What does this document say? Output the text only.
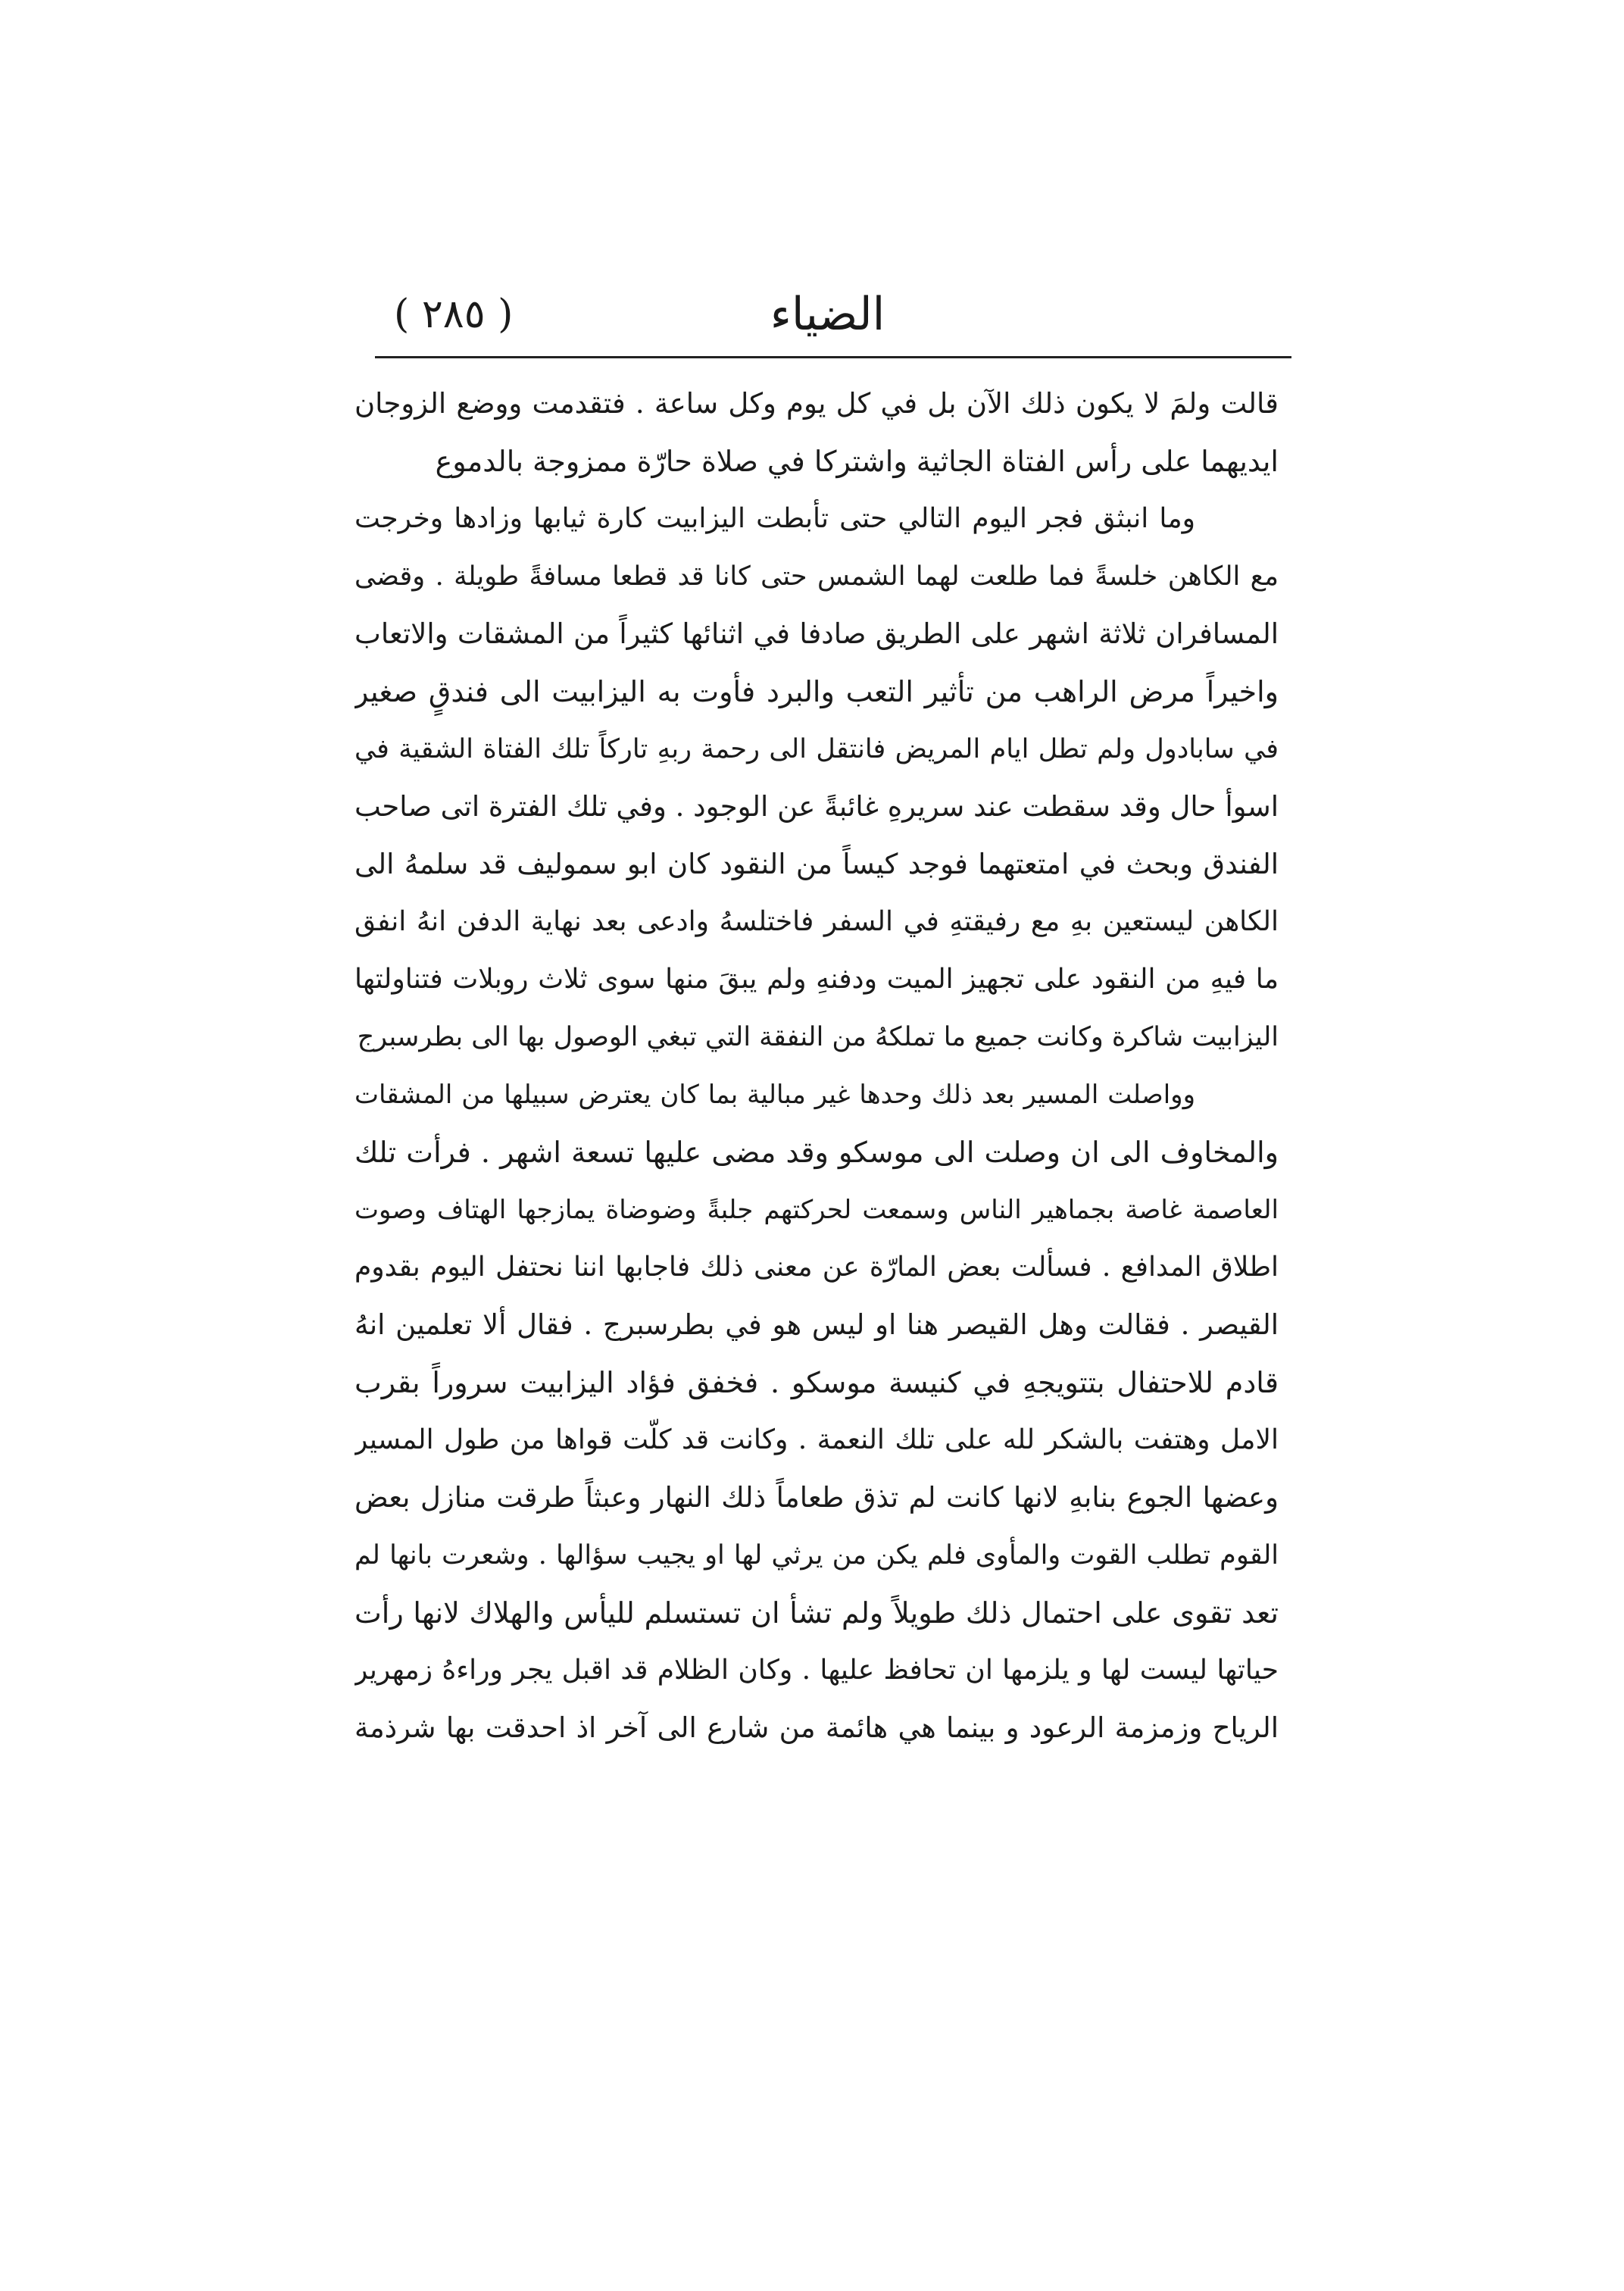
( ٢٨٥ )	الضياء
قالت ولمَ لا يكون ذلك الآن بل في كل يوم وكل ساعة . فتقدمت ووضع الزوجان
ايديهما على رأس الفتاة الجاثية واشتركا في صلاة حارّة ممزوجة بالدموع
وما انبثق فجر اليوم التالي حتى تأبطت اليزابيت كارة ثيابها وزادها وخرجت
مع الكاهن خلسةً فما طلعت لهما الشمس حتى كانا قد قطعا مسافةً طويلة . وقضى
المسافران ثلاثة اشهر على الطريق صادفا في اثنائها كثيراً من المشقات والاتعاب
واخيراً مرض الراهب من تأثير التعب والبرد فأوت به اليزابيت الى فندقٍ صغير
في سابادول ولم تطل ايام المريض فانتقل الى رحمة ربهِ تاركاً تلك الفتاة الشقية في
اسوأ حال وقد سقطت عند سريرهِ غائبةً عن الوجود . وفي تلك الفترة اتى صاحب
الفندق وبحث في امتعتهما فوجد كيساً من النقود كان ابو سموليف قد سلمهُ الى
الكاهن ليستعين بهِ مع رفيقتهِ في السفر فاختلسهُ وادعى بعد نهاية الدفن انهُ انفق
ما فيهِ من النقود على تجهيز الميت ودفنهِ ولم يبقَ منها سوى ثلاث روبلات فتناولتها
اليزابيت شاكرة وكانت جميع ما تملكهُ من النفقة التي تبغي الوصول بها الى بطرسبرج
وواصلت المسير بعد ذلك وحدها غير مبالية بما كان يعترض سبيلها من المشقات
والمخاوف الى ان وصلت الى موسكو وقد مضى عليها تسعة اشهر . فرأت تلك
العاصمة غاصة بجماهير الناس وسمعت لحركتهم جلبةً وضوضاة يمازجها الهتاف وصوت
اطلاق المدافع . فسألت بعض المارّة عن معنى ذلك فاجابها اننا نحتفل اليوم بقدوم
القيصر . فقالت وهل القيصر هنا او ليس هو في بطرسبرج . فقال ألا تعلمين انهُ
قادم للاحتفال بتتويجهِ في كنيسة موسكو . فخفق فؤاد اليزابيت سروراً بقرب
الامل وهتفت بالشكر لله على تلك النعمة . وكانت قد كلّت قواها من طول المسير
وعضها الجوع بنابهِ لانها كانت لم تذق طعاماً ذلك النهار وعبثاً طرقت منازل بعض
القوم تطلب القوت والمأوى فلم يكن من يرثي لها او يجيب سؤالها . وشعرت بانها لم
تعد تقوى على احتمال ذلك طويلاً ولم تشأ ان تستسلم لليأس والهلاك لانها رأت
حياتها ليست لها و يلزمها ان تحافظ عليها . وكان الظلام قد اقبل يجر وراءهُ زمهرير
الرياح وزمزمة الرعود و بينما هي هائمة من شارع الى آخر اذ احدقت بها شرذمة
